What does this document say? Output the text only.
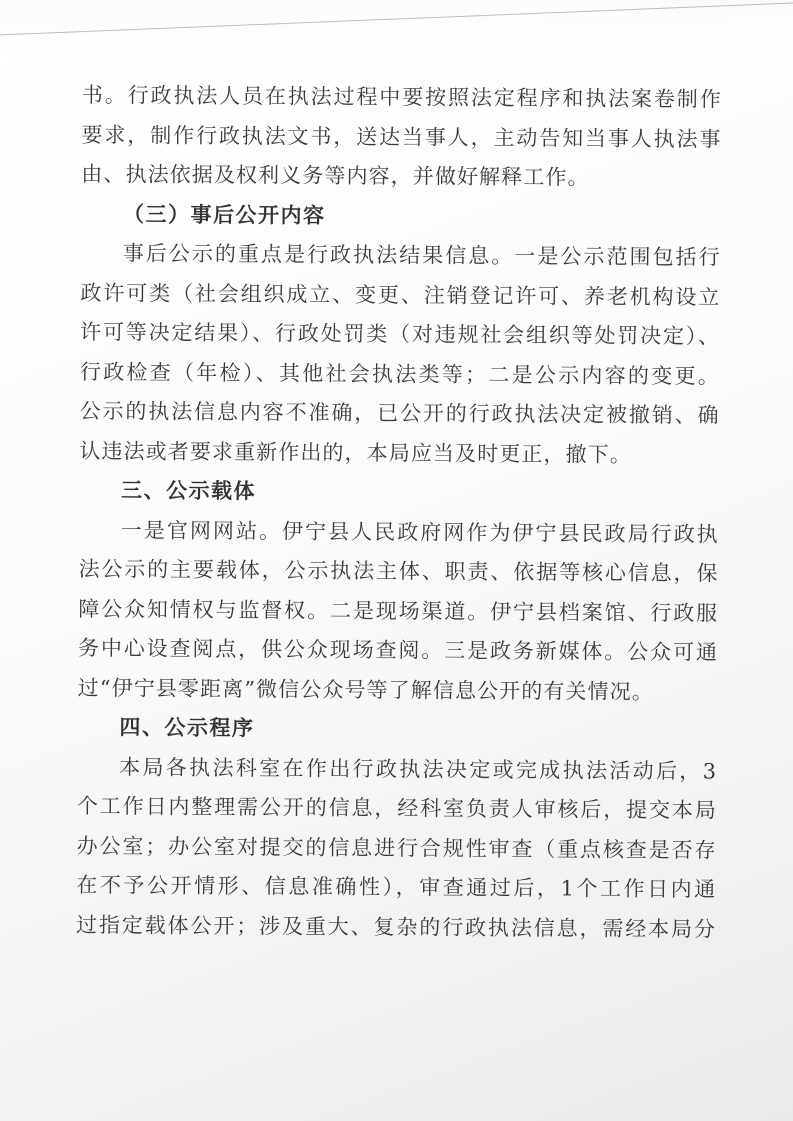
书。行政执法人员在执法过程中要按照法定程序和执法案卷制作
要求，制作行政执法文书，送达当事人，主动告知当事人执法事
由、执法依据及权利义务等内容，并做好解释工作。
（三）事后公开内容
事后公示的重点是行政执法结果信息。一是公示范围包括行
政许可类（社会组织成立、变更、注销登记许可、养老机构设立
许可等决定结果）、行政处罚类（对违规社会组织等处罚决定）、
行政检查（年检）、其他社会执法类等；二是公示内容的变更。
公示的执法信息内容不准确，已公开的行政执法决定被撤销、确
认违法或者要求重新作出的，本局应当及时更正，撤下。
三、公示载体
一是官网网站。伊宁县人民政府网作为伊宁县民政局行政执
法公示的主要载体，公示执法主体、职责、依据等核心信息，保
障公众知情权与监督权。二是现场渠道。伊宁县档案馆、行政服
务中心设查阅点，供公众现场查阅。三是政务新媒体。公众可通
过“伊宁县零距离”微信公众号等了解信息公开的有关情况。
四、公示程序
本局各执法科室在作出行政执法决定或完成执法活动后，3
个工作日内整理需公开的信息，经科室负责人审核后，提交本局
办公室；办公室对提交的信息进行合规性审查（重点核查是否存
在不予公开情形、信息准确性），审查通过后，1个工作日内通
过指定载体公开；涉及重大、复杂的行政执法信息，需经本局分
